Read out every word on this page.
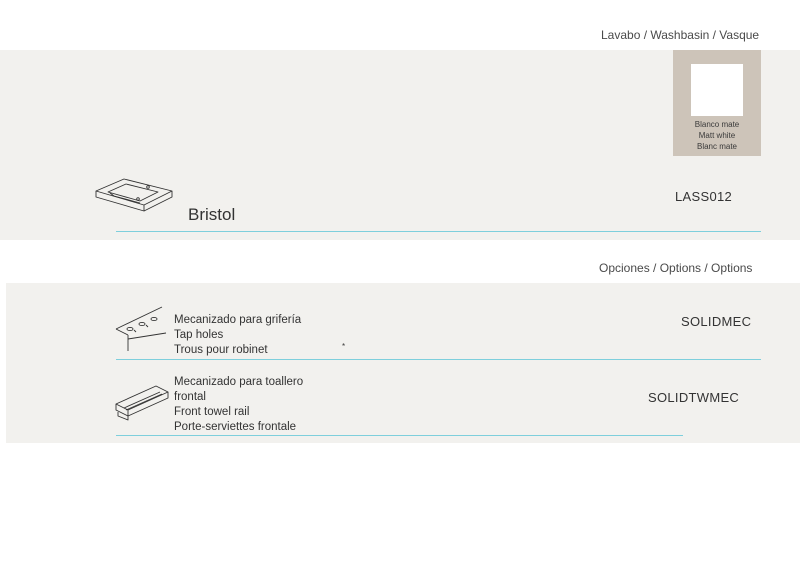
Lavabo / Washbasin / Vasque
Blanco mate
Matt white
Blanc mate
Bristol
LASS012
Opciones / Options / Options
Mecanizado para grifería
Tap holes
Trous pour robinet	*
SOLIDMEC
Mecanizado para toallero
frontal
Front towel rail
Porte-serviettes frontale
SOLIDTWMEC
